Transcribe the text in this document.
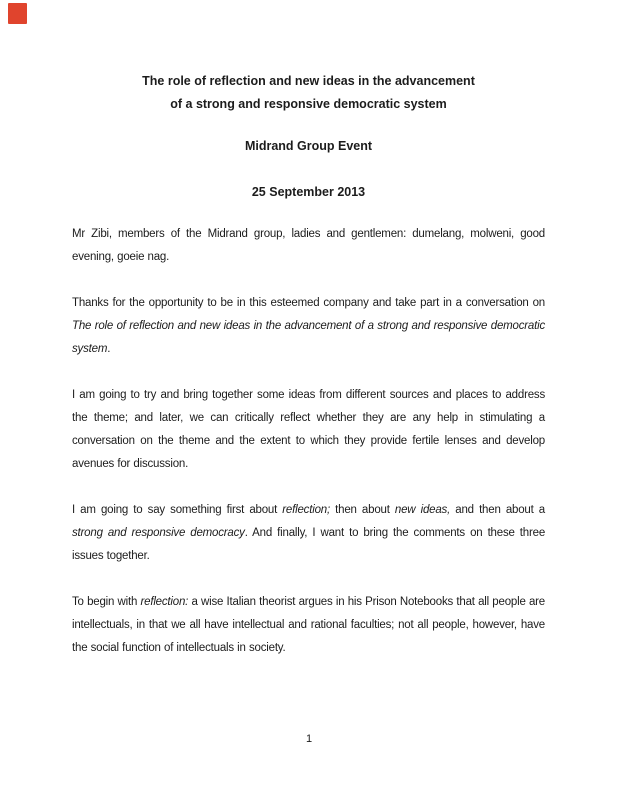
The role of reflection and new ideas in the advancement
of a strong and responsive democratic system

Midrand Group Event

25 September 2013

Mr Zibi, members of the Midrand group, ladies and gentlemen: dumelang, molweni, good evening, goeie nag.

Thanks for the opportunity to be in this esteemed company and take part in a conversation on The role of reflection and new ideas in the advancement of a strong and responsive democratic system.

I am going to try and bring together some ideas from different sources and places to address the theme; and later, we can critically reflect whether they are any help in stimulating a conversation on the theme and the extent to which they provide fertile lenses and develop avenues for discussion.

I am going to say something first about reflection; then about new ideas, and then about a strong and responsive democracy. And finally, I want to bring the comments on these three issues together.

To begin with reflection: a wise Italian theorist argues in his Prison Notebooks that all people are intellectuals, in that we all have intellectual and rational faculties; not all people, however, have the social function of intellectuals in society.

1
